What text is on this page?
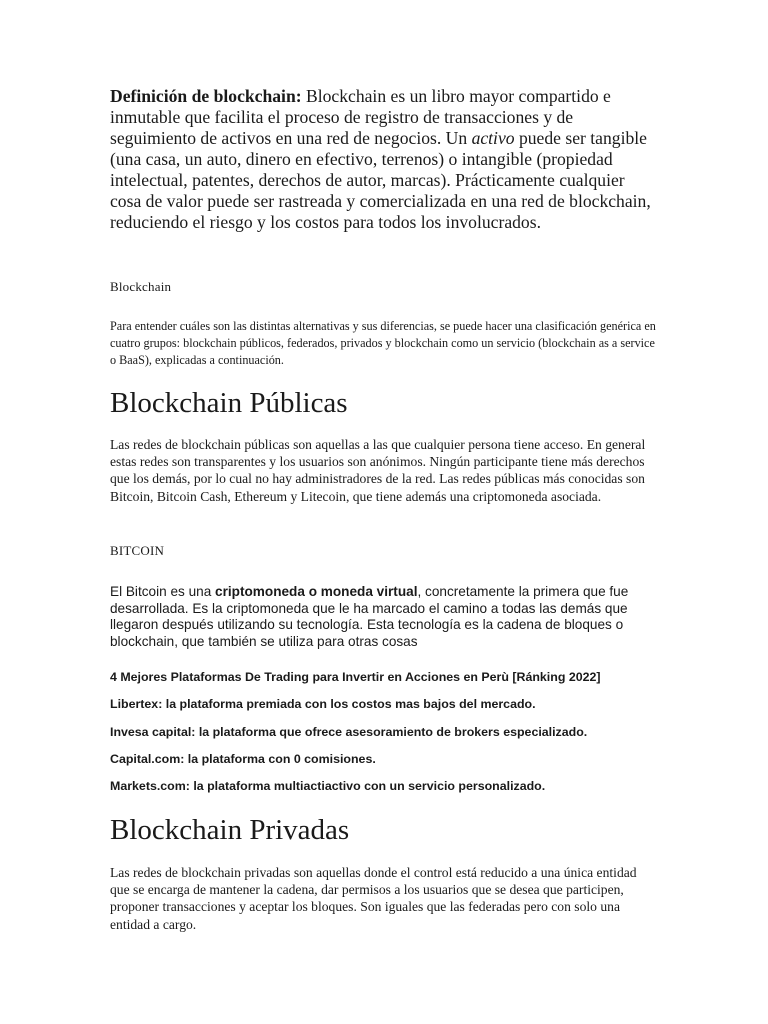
Definición de blockchain: Blockchain es un libro mayor compartido e inmutable que facilita el proceso de registro de transacciones y de seguimiento de activos en una red de negocios. Un activo puede ser tangible (una casa, un auto, dinero en efectivo, terrenos) o intangible (propiedad intelectual, patentes, derechos de autor, marcas). Prácticamente cualquier cosa de valor puede ser rastreada y comercializada en una red de blockchain, reduciendo el riesgo y los costos para todos los involucrados.

Blockchain

Para entender cuáles son las distintas alternativas y sus diferencias, se puede hacer una clasificación genérica en cuatro grupos: blockchain públicos, federados, privados y blockchain como un servicio (blockchain as a service o BaaS), explicadas a continuación.

Blockchain Públicas

Las redes de blockchain públicas son aquellas a las que cualquier persona tiene acceso. En general estas redes son transparentes y los usuarios son anónimos. Ningún participante tiene más derechos que los demás, por lo cual no hay administradores de la red. Las redes públicas más conocidas son Bitcoin, Bitcoin Cash, Ethereum y Litecoin, que tiene además una criptomoneda asociada.

BITCOIN

El Bitcoin es una criptomoneda o moneda virtual, concretamente la primera que fue desarrollada. Es la criptomoneda que le ha marcado el camino a todas las demás que llegaron después utilizando su tecnología. Esta tecnología es la cadena de bloques o blockchain, que también se utiliza para otras cosas

4 Mejores Plataformas De Trading para Invertir en Acciones en Perù [Ránking 2022]

Libertex: la plataforma premiada con los costos mas bajos del mercado.

Invesa capital: la plataforma que ofrece asesoramiento de brokers especializado.

Capital.com: la plataforma con 0 comisiones.

Markets.com: la plataforma multiactiactivo con un servicio personalizado.

Blockchain Privadas

Las redes de blockchain privadas son aquellas donde el control está reducido a una única entidad que se encarga de mantener la cadena, dar permisos a los usuarios que se desea que participen, proponer transacciones y aceptar los bloques. Son iguales que las federadas pero con solo una entidad a cargo.
